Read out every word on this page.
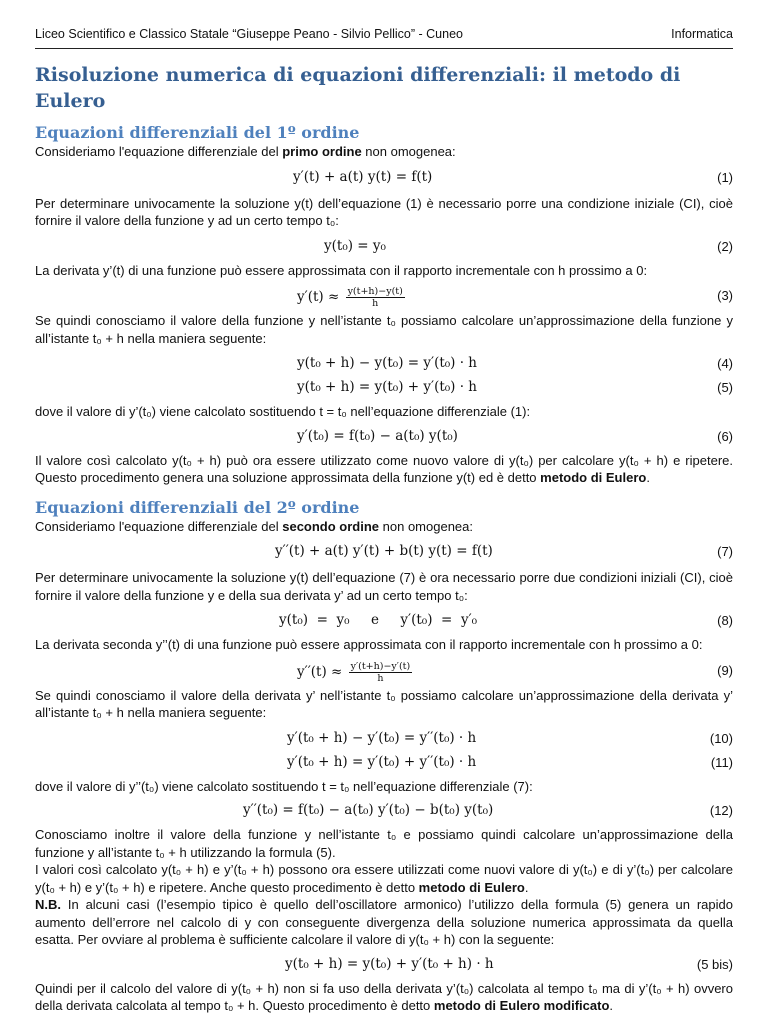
Liceo Scientifico e Classico Statale “Giuseppe Peano - Silvio Pellico” - Cuneo	Informatica
Risoluzione numerica di equazioni differenziali: il metodo di Eulero
Equazioni differenziali del 1º ordine

Consideriamo l'equazione differenziale del primo ordine non omogenea:

y′(t) + a(t) y(t) = f(t)	(1)

Per determinare univocamente la soluzione y(t) dell’equazione (1) è necessario porre una condizione iniziale (CI), cioè fornire il valore della funzione y ad un certo tempo t₀:

y(t₀) = y₀	(2)

La derivata y’(t) di una funzione può essere approssimata con il rapporto incrementale con h prossimo a 0:

$y'(t) \approx \frac{y(t+h)-y(t)}{h}$	(3)

Se quindi conosciamo il valore della funzione y nell’istante t₀ possiamo calcolare un’approssimazione della funzione y all’istante t₀ + h nella maniera seguente:

y(t₀ + h) − y(t₀) = y′(t₀) · h	(4)
y(t₀ + h) = y(t₀) + y′(t₀) · h	(5)

dove il valore di y’(t₀) viene calcolato sostituendo t = t₀ nell’equazione differenziale (1):

y′(t₀) = f(t₀) − a(t₀) y(t₀)	(6)

Il valore così calcolato y(t₀ + h) può ora essere utilizzato come nuovo valore di y(t₀) per calcolare y(t₀ + h) e ripetere. Questo procedimento genera una soluzione approssimata della funzione y(t) ed è detto metodo di Eulero.

Equazioni differenziali del 2º ordine

Consideriamo l'equazione differenziale del secondo ordine non omogenea:

y′′(t) + a(t) y′(t) + b(t) y(t) = f(t)	(7)

Per determinare univocamente la soluzione y(t) dell’equazione (7) è ora necessario porre due condizioni iniziali (CI), cioè fornire il valore della funzione y e della sua derivata y’ ad un certo tempo t₀:

y(t₀)  =  y₀     e     y′(t₀)  =  y′₀	(8)

La derivata seconda y’’(t) di una funzione può essere approssimata con il rapporto incrementale con h prossimo a 0:

$y''(t) \approx \frac{y'(t+h)-y'(t)}{h}$	(9)

Se quindi conosciamo il valore della derivata y’ nell’istante t₀ possiamo calcolare un’approssimazione della derivata y’ all’istante t₀ + h nella maniera seguente:

y′(t₀ + h) − y′(t₀) = y′′(t₀) · h	(10)
y′(t₀ + h) = y′(t₀) + y′′(t₀) · h	(11)

dove il valore di y’’(t₀) viene calcolato sostituendo t = t₀ nell’equazione differenziale (7):

y′′(t₀) = f(t₀) − a(t₀) y′(t₀) − b(t₀) y(t₀)	(12)

Conosciamo inoltre il valore della funzione y nell’istante t₀ e possiamo quindi calcolare un’approssimazione della funzione y all’istante t₀ + h utilizzando la formula (5).

I valori così calcolato y(t₀ + h) e y’(t₀ + h) possono ora essere utilizzati come nuovi valore di y(t₀) e di y’(t₀) per calcolare y(t₀ + h) e y’(t₀ + h) e ripetere. Anche questo procedimento è detto metodo di Eulero.

N.B. In alcuni casi (l’esempio tipico è quello dell’oscillatore armonico) l’utilizzo della formula (5) genera un rapido aumento dell’errore nel calcolo di y con conseguente divergenza della soluzione numerica approssimata da quella esatta. Per ovviare al problema è sufficiente calcolare il valore di y(t₀ + h) con la seguente:

y(t₀ + h) = y(t₀) + y′(t₀ + h) · h	(5 bis)

Quindi per il calcolo del valore di y(t₀ + h) non si fa uso della derivata y’(t₀) calcolata al tempo t₀ ma di y’(t₀ + h) ovvero della derivata calcolata al tempo t₀ + h. Questo procedimento è detto metodo di Eulero modificato.
